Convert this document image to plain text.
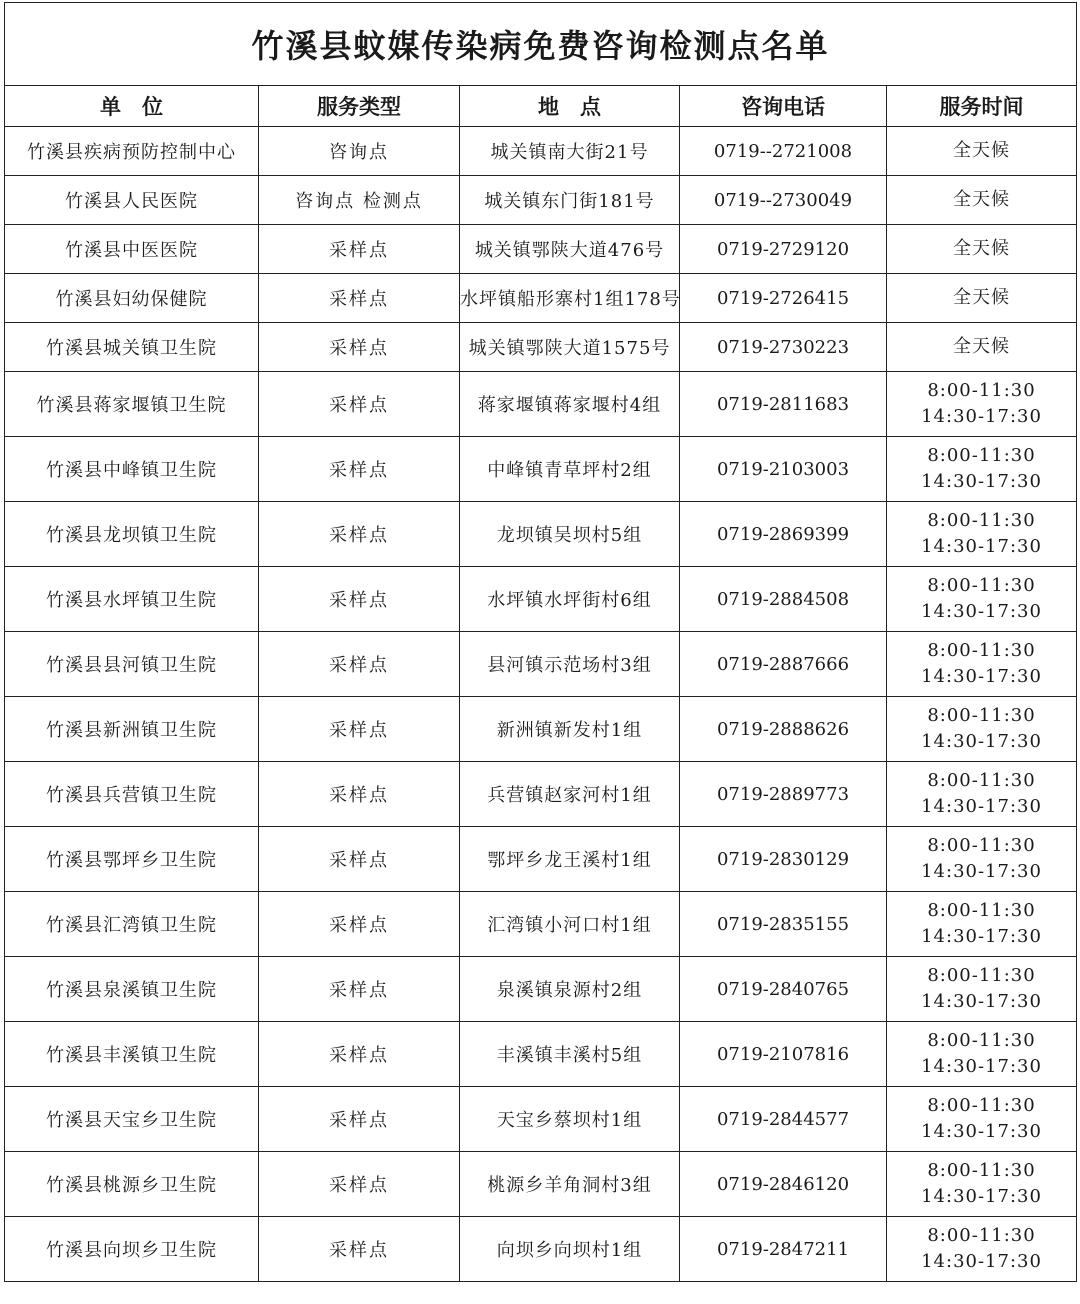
竹溪县蚊媒传染病免费咨询检测点名单				
单　位	服务类型	地　点	咨询电话	服务时间
竹溪县疾病预防控制中心	咨询点	城关镇南大街21号	0719--2721008	全天候

竹溪县人民医院	咨询点 检测点	城关镇东门街181号	0719--2730049	全天候

竹溪县中医医院	采样点	城关镇鄂陕大道476号	0719-2729120	全天候

竹溪县妇幼保健院	采样点	水坪镇船形寨村1组178号	0719-2726415	全天候

竹溪县城关镇卫生院	采样点	城关镇鄂陕大道1575号	0719-2730223	全天候

竹溪县蒋家堰镇卫生院	采样点	蒋家堰镇蒋家堰村4组	0719-2811683	8:00-11:30
14:30-17:30

竹溪县中峰镇卫生院	采样点	中峰镇青草坪村2组	0719-2103003	8:00-11:30
14:30-17:30

竹溪县龙坝镇卫生院	采样点	龙坝镇吴坝村5组	0719-2869399	8:00-11:30
14:30-17:30

竹溪县水坪镇卫生院	采样点	水坪镇水坪街村6组	0719-2884508	8:00-11:30
14:30-17:30

竹溪县县河镇卫生院	采样点	县河镇示范场村3组	0719-2887666	8:00-11:30
14:30-17:30

竹溪县新洲镇卫生院	采样点	新洲镇新发村1组	0719-2888626	8:00-11:30
14:30-17:30

竹溪县兵营镇卫生院	采样点	兵营镇赵家河村1组	0719-2889773	8:00-11:30
14:30-17:30

竹溪县鄂坪乡卫生院	采样点	鄂坪乡龙王溪村1组	0719-2830129	8:00-11:30
14:30-17:30

竹溪县汇湾镇卫生院	采样点	汇湾镇小河口村1组	0719-2835155	8:00-11:30
14:30-17:30

竹溪县泉溪镇卫生院	采样点	泉溪镇泉源村2组	0719-2840765	8:00-11:30
14:30-17:30

竹溪县丰溪镇卫生院	采样点	丰溪镇丰溪村5组	0719-2107816	8:00-11:30
14:30-17:30

竹溪县天宝乡卫生院	采样点	天宝乡蔡坝村1组	0719-2844577	8:00-11:30
14:30-17:30

竹溪县桃源乡卫生院	采样点	桃源乡羊角洞村3组	0719-2846120	8:00-11:30
14:30-17:30

竹溪县向坝乡卫生院	采样点	向坝乡向坝村1组	0719-2847211	8:00-11:30
14:30-17:30
